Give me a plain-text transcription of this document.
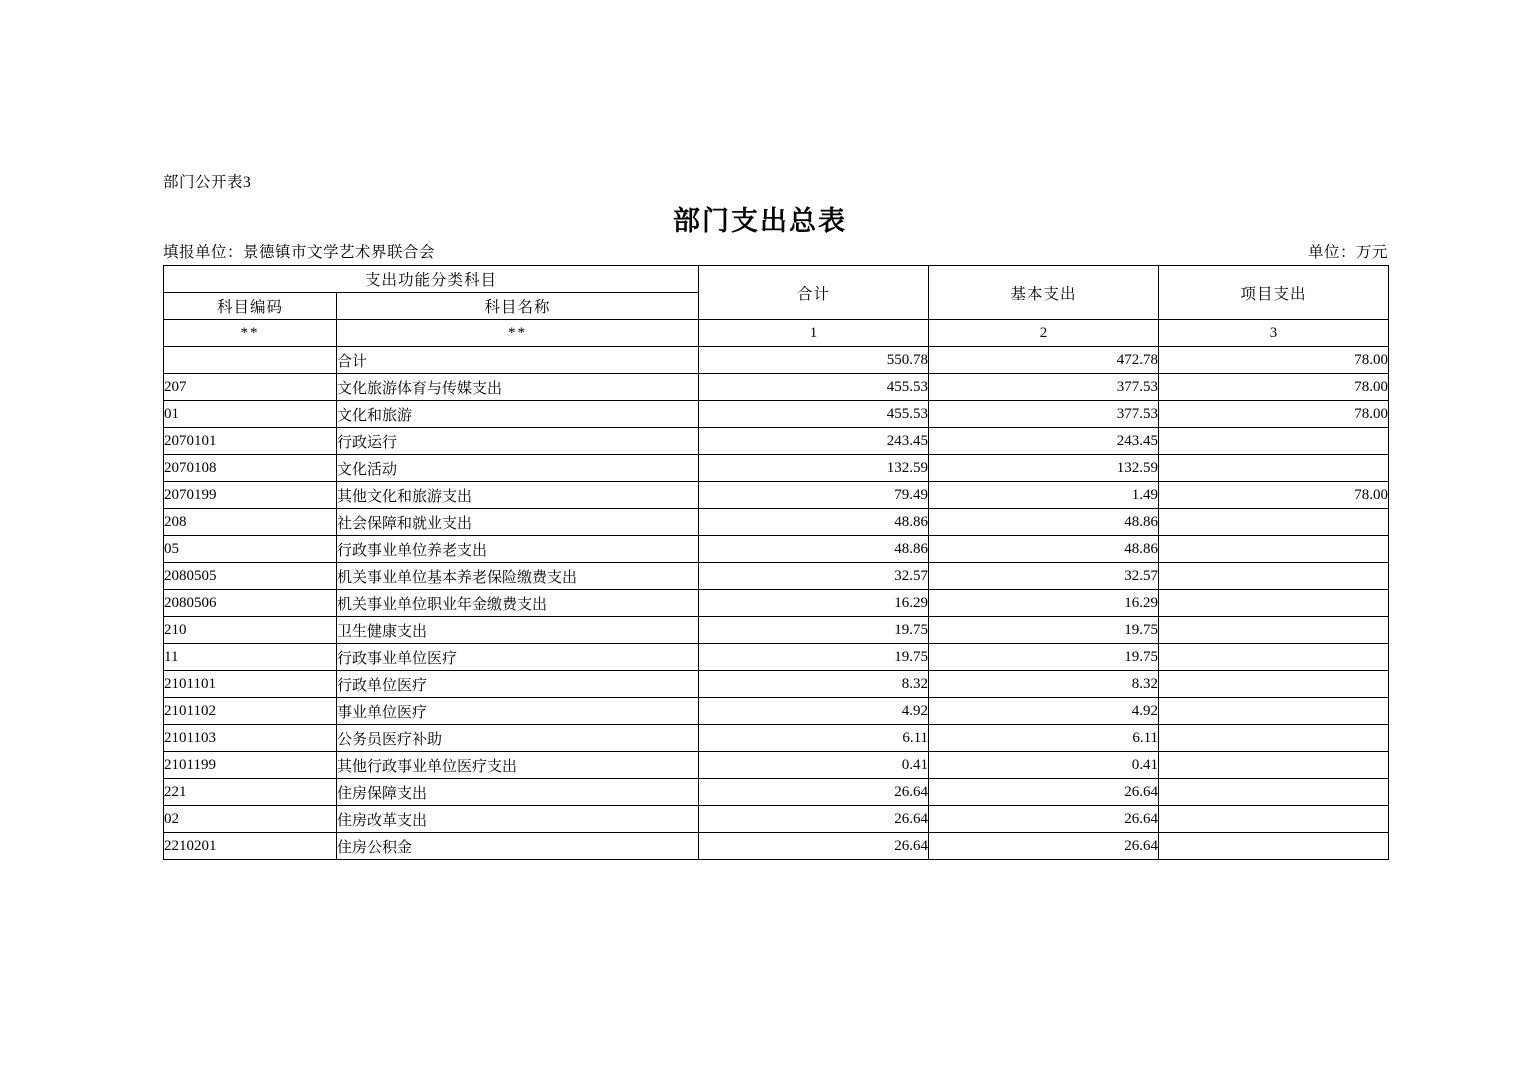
部门公开表3
部门支出总表
填报单位：景德镇市文学艺术界联合会	单位：万元
支出功能分类科目		合计	基本支出	项目支出
科目编码	科目名称			
**	**	1	2	3
	合计	550.78	472.78	78.00
207	文化旅游体育与传媒支出	455.53	377.53	78.00
01	文化和旅游	455.53	377.53	78.00
2070101	行政运行	243.45	243.45	
2070108	文化活动	132.59	132.59	
2070199	其他文化和旅游支出	79.49	1.49	78.00
208	社会保障和就业支出	48.86	48.86	
05	行政事业单位养老支出	48.86	48.86	
2080505	机关事业单位基本养老保险缴费支出	32.57	32.57	
2080506	机关事业单位职业年金缴费支出	16.29	16.29	
210	卫生健康支出	19.75	19.75	
11	行政事业单位医疗	19.75	19.75	
2101101	行政单位医疗	8.32	8.32	
2101102	事业单位医疗	4.92	4.92	
2101103	公务员医疗补助	6.11	6.11	
2101199	其他行政事业单位医疗支出	0.41	0.41	
221	住房保障支出	26.64	26.64	
02	住房改革支出	26.64	26.64	
2210201	住房公积金	26.64	26.64	
